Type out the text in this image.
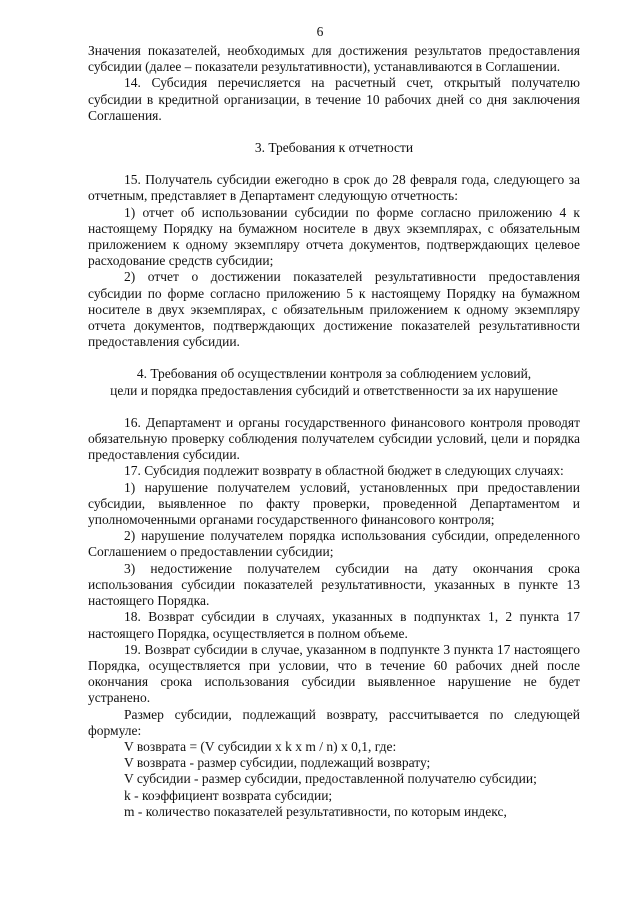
6

Значения показателей, необходимых для достижения результатов предоставления субсидии (далее – показатели результативности), устанавливаются в Соглашении.

14. Субсидия перечисляется на расчетный счет, открытый получателю субсидии в кредитной организации, в течение 10 рабочих дней со дня заключения Соглашения.

3. Требования к отчетности

15. Получатель субсидии ежегодно в срок до 28 февраля года, следующего за отчетным, представляет в Департамент следующую отчетность:

1) отчет об использовании субсидии по форме согласно приложению 4 к настоящему Порядку на бумажном носителе в двух экземплярах, с обязательным приложением к одному экземпляру отчета документов, подтверждающих целевое расходование средств субсидии;

2) отчет о достижении показателей результативности предоставления субсидии по форме согласно приложению 5 к настоящему Порядку на бумажном носителе в двух экземплярах, с обязательным приложением к одному экземпляру отчета документов, подтверждающих достижение показателей результативности предоставления субсидии.

4. Требования об осуществлении контроля за соблюдением условий,
цели и порядка предоставления субсидий и ответственности за их нарушение

16. Департамент и органы государственного финансового контроля проводят обязательную проверку соблюдения получателем субсидии условий, цели и порядка предоставления субсидии.

17. Субсидия подлежит возврату в областной бюджет в следующих случаях:

1) нарушение получателем условий, установленных при предоставлении субсидии, выявленное по факту проверки, проведенной Департаментом и уполномоченными органами государственного финансового контроля;

2) нарушение получателем порядка использования субсидии, определенного Соглашением о предоставлении субсидии;

3) недостижение получателем субсидии на дату окончания срока использования субсидии показателей результативности, указанных в пункте 13 настоящего Порядка.

18. Возврат субсидии в случаях, указанных в подпунктах 1, 2 пункта 17 настоящего Порядка, осуществляется в полном объеме.

19. Возврат субсидии в случае, указанном в подпункте 3 пункта 17 настоящего Порядка, осуществляется при условии, что в течение 60 рабочих дней после окончания срока использования субсидии выявленное нарушение не будет устранено.

Размер субсидии, подлежащий возврату, рассчитывается по следующей формуле:

V возврата = (V субсидии x k x m / n) x 0,1, где:

V возврата - размер субсидии, подлежащий возврату;

V субсидии - размер субсидии, предоставленной получателю субсидии;

k - коэффициент возврата субсидии;

m - количество показателей результативности, по которым индекс,
